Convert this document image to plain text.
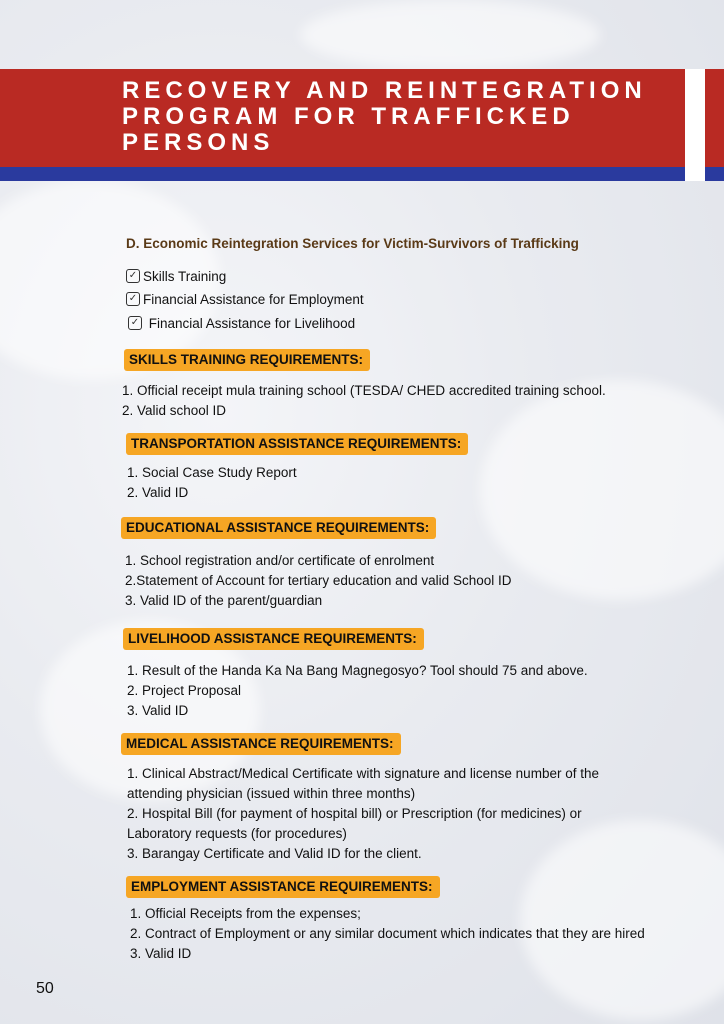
RECOVERY AND REINTEGRATION PROGRAM FOR TRAFFICKED PERSONS
D. Economic Reintegration Services for Victim-Survivors of Trafficking
✓ Skills Training
✓ Financial Assistance for Employment
✓ Financial Assistance for Livelihood
SKILLS TRAINING REQUIREMENTS:
1. Official receipt mula training school (TESDA/ CHED accredited training school.
2. Valid school ID
TRANSPORTATION ASSISTANCE REQUIREMENTS:
1. Social Case Study Report
2. Valid ID
EDUCATIONAL ASSISTANCE REQUIREMENTS:
1. School registration and/or certificate of enrolment
2.Statement of Account for tertiary education and valid School ID
3. Valid ID of the parent/guardian
LIVELIHOOD ASSISTANCE REQUIREMENTS:
1. Result of the Handa Ka Na Bang Magnegosyo? Tool should 75 and above.
2. Project Proposal
3. Valid ID
MEDICAL ASSISTANCE REQUIREMENTS:
1. Clinical Abstract/Medical Certificate with signature and license number of the
attending physician (issued within three months)
2. Hospital Bill (for payment of hospital bill) or Prescription (for medicines) or
Laboratory requests (for procedures)
3. Barangay Certificate and Valid ID for the client.
EMPLOYMENT ASSISTANCE REQUIREMENTS:
1. Official Receipts from the expenses;
2. Contract of Employment or any similar document which indicates that they are hired
3. Valid ID
50
